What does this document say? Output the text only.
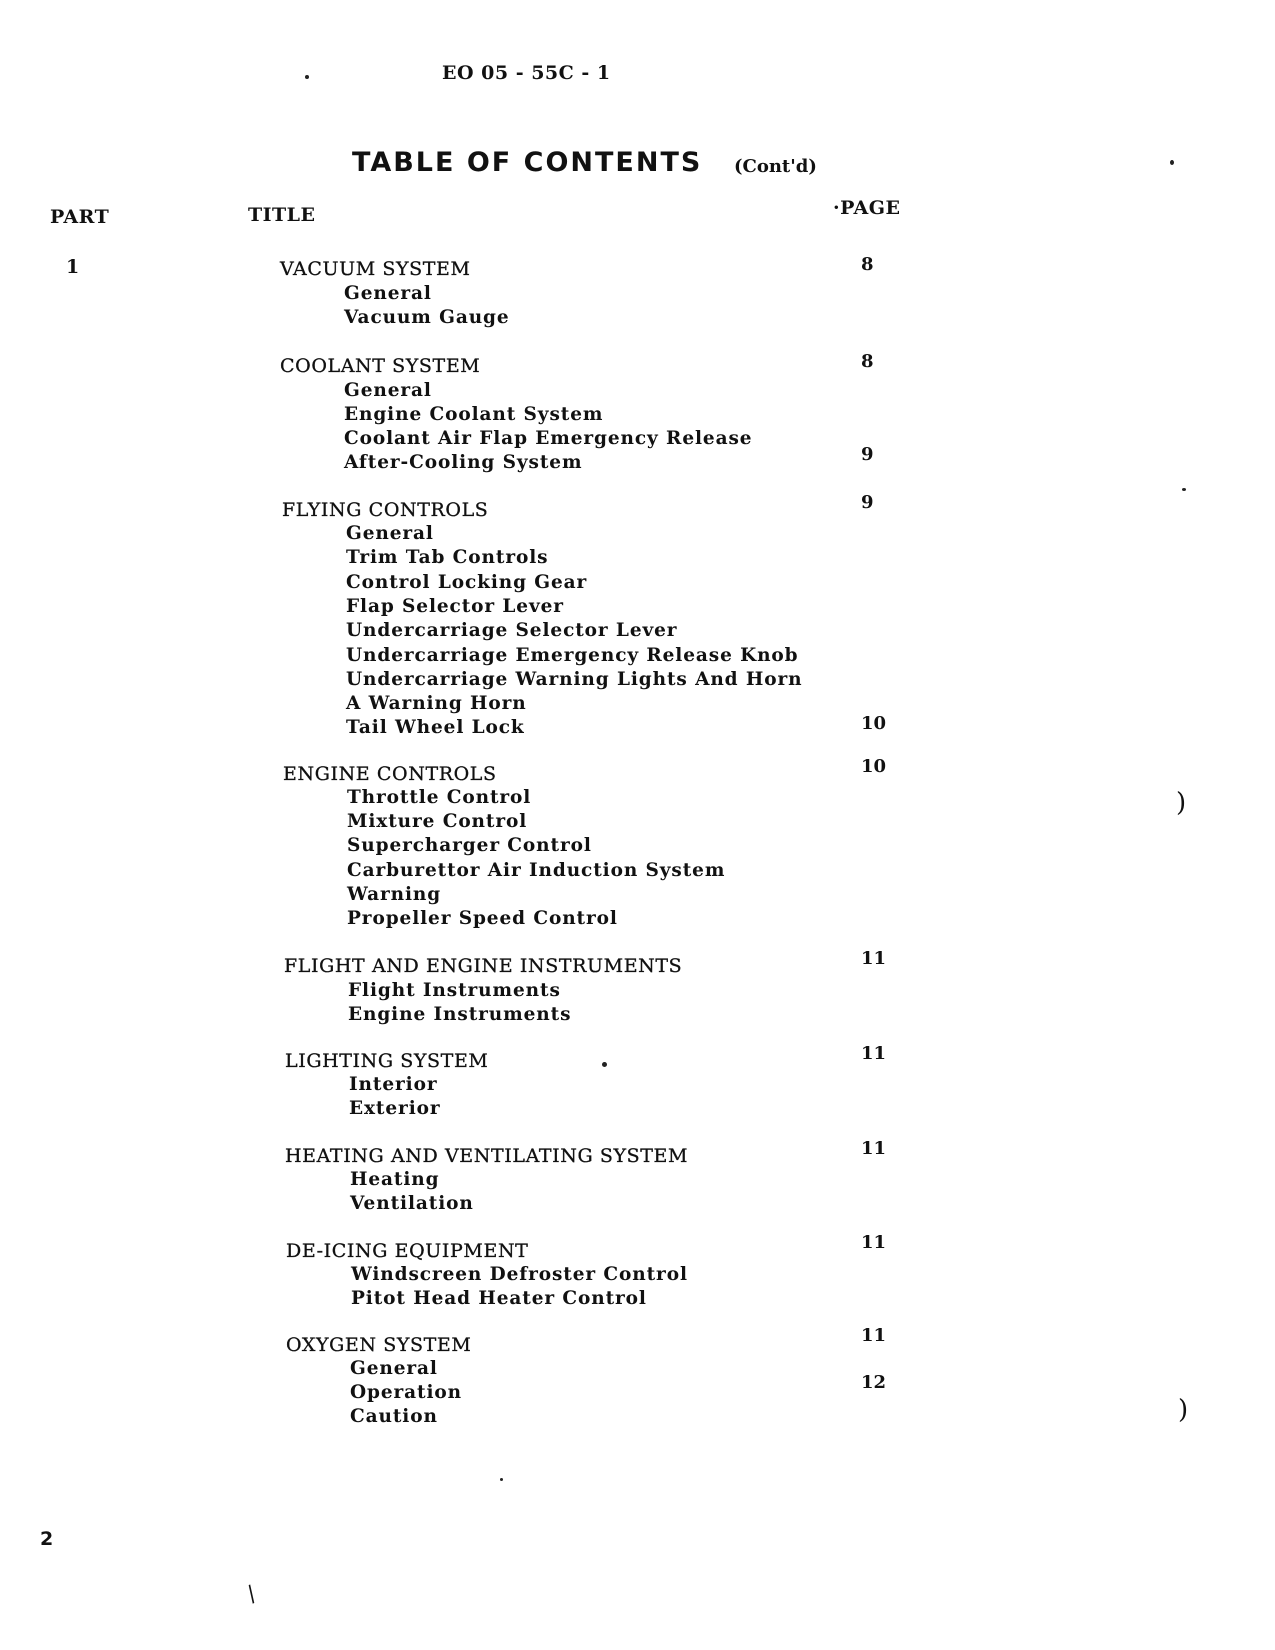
EO 05 - 55C - 1
TABLE OF CONTENTS (Cont'd)
PART	TITLE	·PAGE
1	VACUUM SYSTEM	8
General
Vacuum Gauge
COOLANT SYSTEM	8
General
Engine Coolant System
Coolant Air Flap Emergency Release
After-Cooling System	9
FLYING CONTROLS	9
General
Trim Tab Controls
Control Locking Gear
Flap Selector Lever
Undercarriage Selector Lever
Undercarriage Emergency Release Knob
Undercarriage Warning Lights And Horn
A Warning Horn
Tail Wheel Lock	10
ENGINE CONTROLS	10
Throttle Control
Mixture Control
Supercharger Control
Carburettor Air Induction System
Warning
Propeller Speed Control
FLIGHT AND ENGINE INSTRUMENTS	11
Flight Instruments
Engine Instruments
LIGHTING SYSTEM	11
Interior
Exterior
HEATING AND VENTILATING SYSTEM	11
Heating
Ventilation
DE-ICING EQUIPMENT	11
Windscreen Defroster Control
Pitot Head Heater Control
OXYGEN SYSTEM	11
General
Operation	12
Caution
2
)
)
/
